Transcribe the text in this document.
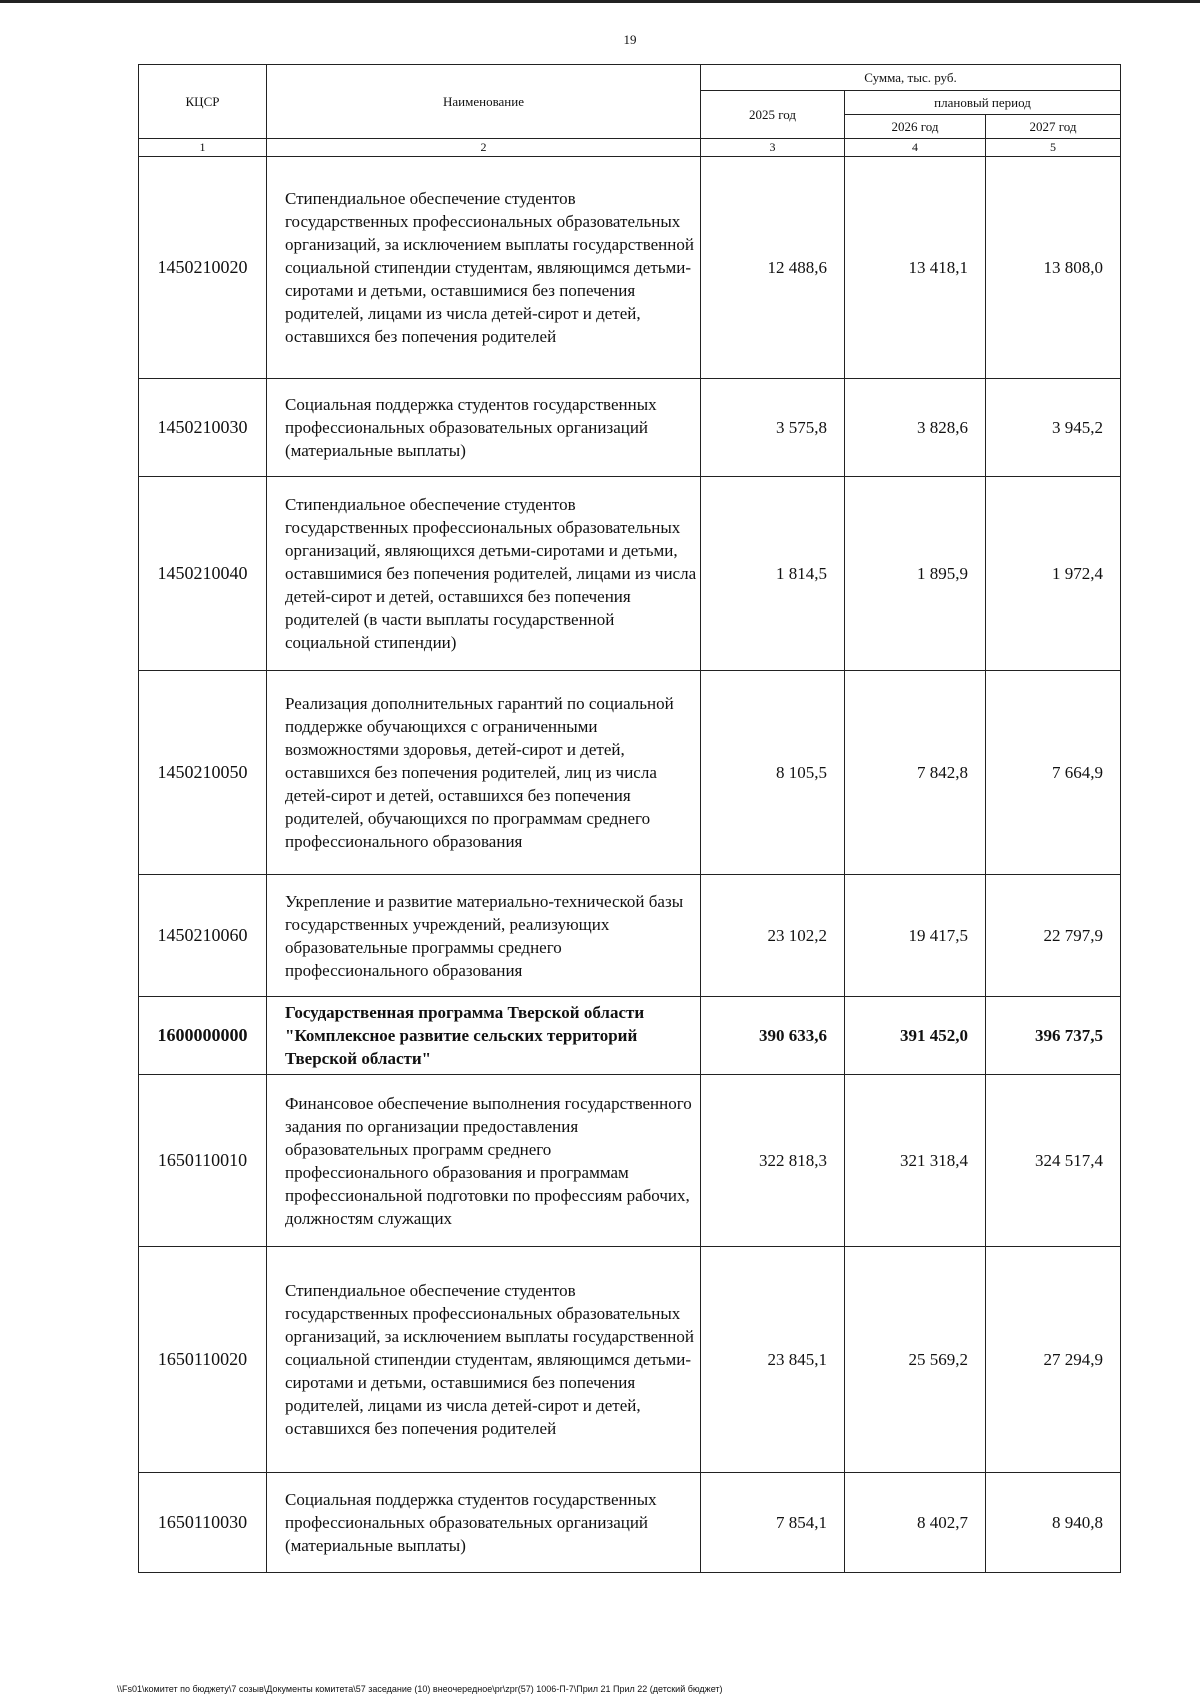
19
КЦСР	Наименование	Сумма, тыс. руб.		
		2025 год	плановый период	
			2026 год	2027 год
1	2	3	4	5
1450210020	Стипендиальное обеспечение студентов государственных профессиональных образовательных организаций, за исключением выплаты государственной социальной стипендии студентам, являющимся детьми-сиротами и детьми, оставшимися без попечения родителей, лицами из числа детей-сирот и детей, оставшихся без попечения родителей	12 488,6	13 418,1	13 808,0
1450210030	Социальная поддержка студентов государственных профессиональных образовательных организаций (материальные выплаты)	3 575,8	3 828,6	3 945,2
1450210040	Стипендиальное обеспечение студентов государственных профессиональных образовательных организаций, являющихся детьми-сиротами и детьми, оставшимися без попечения родителей, лицами из числа детей-сирот и детей, оставшихся без попечения родителей (в части выплаты государственной социальной стипендии)	1 814,5	1 895,9	1 972,4
1450210050	Реализация дополнительных гарантий по социальной поддержке обучающихся с ограниченными возможностями здоровья, детей-сирот и детей, оставшихся без попечения родителей, лиц из числа детей-сирот и детей, оставшихся без попечения родителей, обучающихся по программам среднего профессионального образования	8 105,5	7 842,8	7 664,9
1450210060	Укрепление и развитие материально-технической базы государственных учреждений, реализующих образовательные программы среднего профессионального образования	23 102,2	19 417,5	22 797,9
1600000000	Государственная программа Тверской области "Комплексное развитие сельских территорий Тверской области"	390 633,6	391 452,0	396 737,5
1650110010	Финансовое обеспечение выполнения государственного задания по организации предоставления образовательных программ среднего профессионального образования и программам профессиональной подготовки по профессиям рабочих, должностям служащих	322 818,3	321 318,4	324 517,4
1650110020	Стипендиальное обеспечение студентов государственных профессиональных образовательных организаций, за исключением выплаты государственной социальной стипендии студентам, являющимся детьми-сиротами и детьми, оставшимися без попечения родителей, лицами из числа детей-сирот и детей, оставшихся без попечения родителей	23 845,1	25 569,2	27 294,9
1650110030	Социальная поддержка студентов государственных профессиональных образовательных организаций (материальные выплаты)	7 854,1	8 402,7	8 940,8
\\Fs01\комитет по бюджету\7 созыв\Документы комитета\57 заседание (10) внеочередное\pr\zpr(57) 1006-П-7\Прил 21 Прил 22 (детский бюджет)
